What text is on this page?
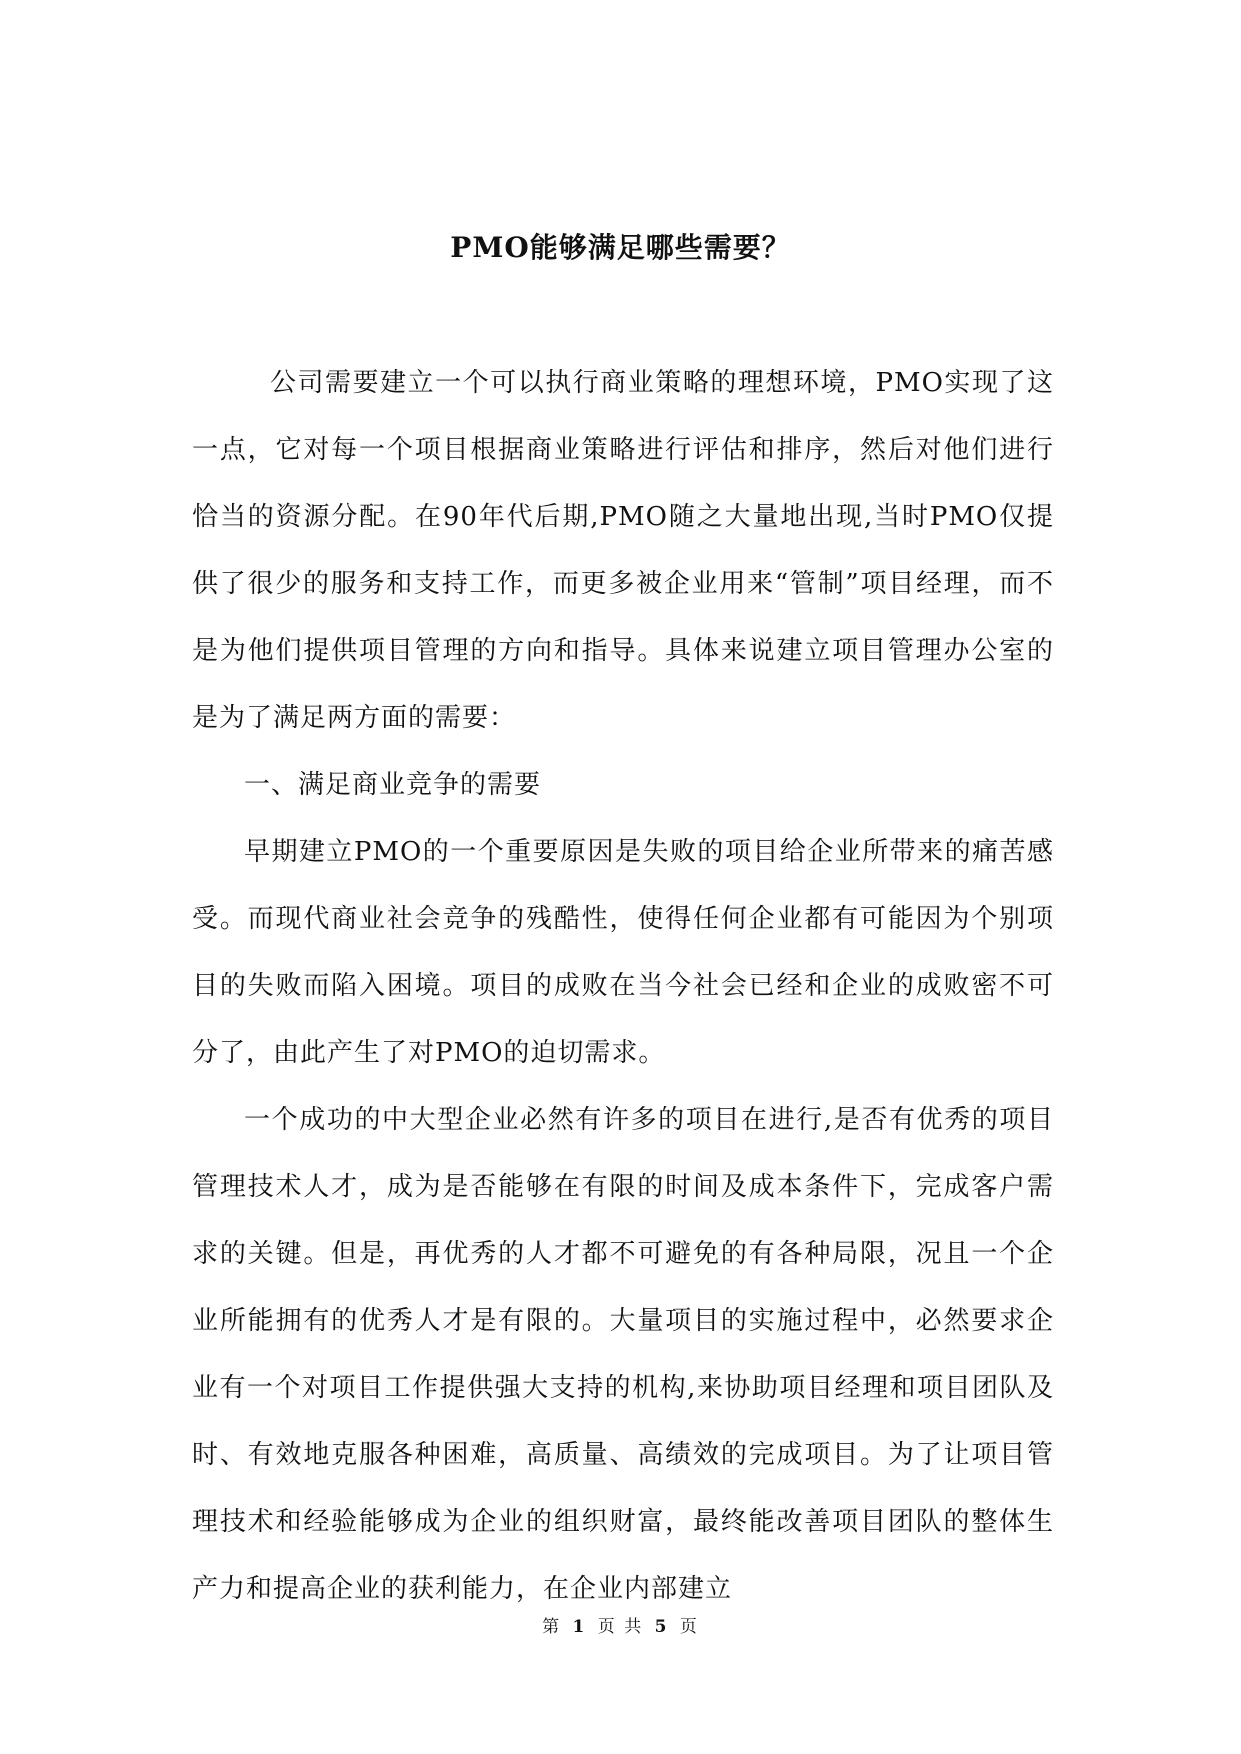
PMO能够满足哪些需要？

公司需要建立一个可以执行商业策略的理想环境，PMO实现了这一点，它对每一个项目根据商业策略进行评估和排序，然后对他们进行恰当的资源分配。在90年代后期,PMO随之大量地出现,当时PMO仅提供了很少的服务和支持工作，而更多被企业用来“管制”项目经理，而不是为他们提供项目管理的方向和指导。具体来说建立项目管理办公室的是为了满足两方面的需要：

一、满足商业竞争的需要

早期建立PMO的一个重要原因是失败的项目给企业所带来的痛苦感受。而现代商业社会竞争的残酷性，使得任何企业都有可能因为个别项目的失败而陷入困境。项目的成败在当今社会已经和企业的成败密不可分了，由此产生了对PMO的迫切需求。

一个成功的中大型企业必然有许多的项目在进行,是否有优秀的项目管理技术人才，成为是否能够在有限的时间及成本条件下，完成客户需求的关键。但是，再优秀的人才都不可避免的有各种局限，况且一个企业所能拥有的优秀人才是有限的。大量项目的实施过程中，必然要求企业有一个对项目工作提供强大支持的机构,来协助项目经理和项目团队及时、有效地克服各种困难，高质量、高绩效的完成项目。为了让项目管理技术和经验能够成为企业的组织财富，最终能改善项目团队的整体生产力和提高企业的获利能力，在企业内部建立

第 1 页 共 5 页
